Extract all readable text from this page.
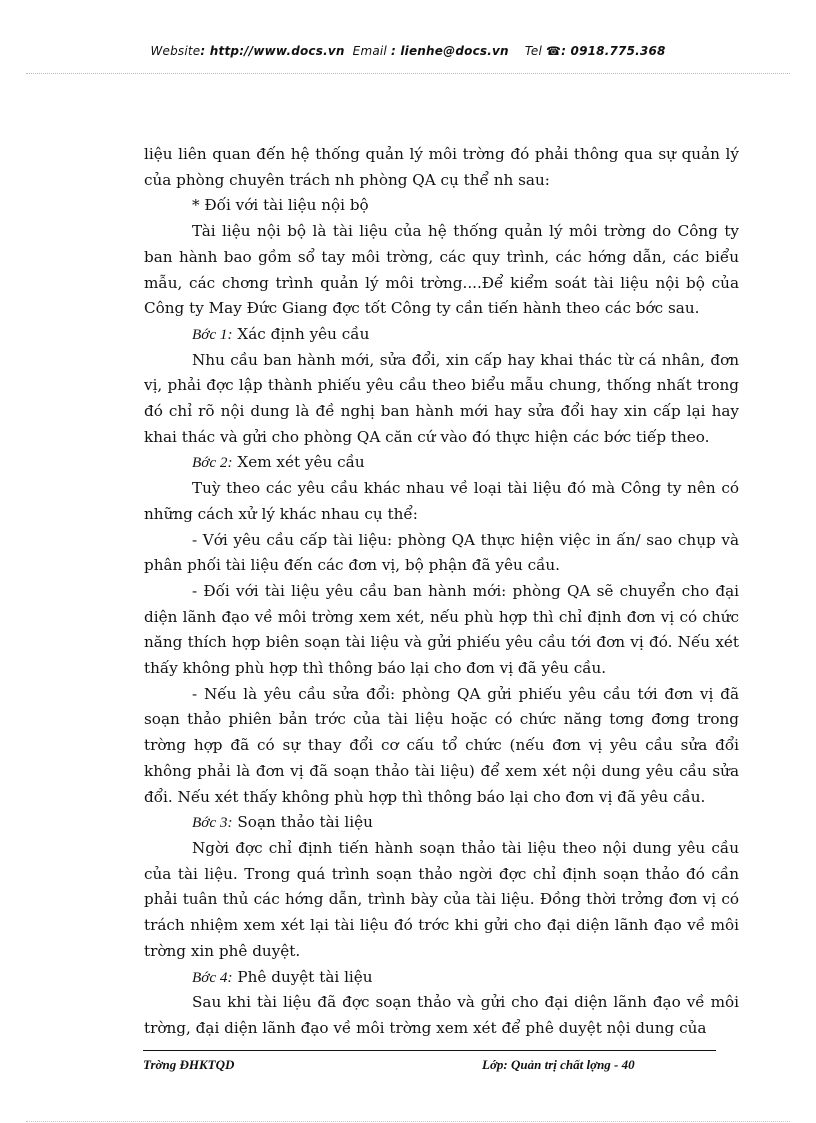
Website: http://www.docs.vn Email : lienhe@docs.vn Tel ☎: 0918.775.368

liệu liên quan đến hệ thống quản lý môi trờng đó phải thông qua sự quản lý của phòng chuyên trách nh phòng QA cụ thể nh sau:

* Đối với tài liệu nội bộ

Tài liệu nội bộ là tài liệu của hệ thống quản lý môi trờng do Công ty ban hành bao gồm sổ tay môi trờng, các quy trình, các hớng dẫn, các biểu mẫu, các chơng trình quản lý môi trờng....Để kiểm soát tài liệu nội bộ của Công ty May Đức Giang đợc tốt Công ty cần tiến hành theo các bớc sau.

Bớc 1: Xác định yêu cầu

Nhu cầu ban hành mới, sửa đổi, xin cấp hay khai thác từ cá nhân, đơn vị, phải đợc lập thành phiếu yêu cầu theo biểu mẫu chung, thống nhất trong đó chỉ rõ nội dung là đề nghị ban hành mới hay sửa đổi hay xin cấp lại hay khai thác và gửi cho phòng QA căn cứ vào đó thực hiện các bớc tiếp theo.

Bớc 2: Xem xét yêu cầu

Tuỳ theo các yêu cầu khác nhau về loại tài liệu đó mà Công ty nên có những cách xử lý khác nhau cụ thể:

- Với yêu cầu cấp tài liệu: phòng QA thực hiện việc in ấn/ sao chụp và phân phối tài liệu đến các đơn vị, bộ phận đã yêu cầu.

- Đối với tài liệu yêu cầu ban hành mới: phòng QA sẽ chuyển cho đại diện lãnh đạo về môi trờng xem xét, nếu phù hợp thì chỉ định đơn vị có chức năng thích hợp biên soạn tài liệu và gửi phiếu yêu cầu tới đơn vị đó. Nếu xét thấy không phù hợp thì thông báo lại cho đơn vị đã yêu cầu.

- Nếu là yêu cầu sửa đổi: phòng QA gửi phiếu yêu cầu tới đơn vị đã soạn thảo phiên bản trớc của tài liệu hoặc có chức năng tơng đơng trong trờng hợp đã có sự thay đổi cơ cấu tổ chức (nếu đơn vị yêu cầu sửa đổi không phải là đơn vị đã soạn thảo tài liệu) để xem xét nội dung yêu cầu sửa đổi. Nếu xét thấy không phù hợp thì thông báo lại cho đơn vị đã yêu cầu.

Bớc 3: Soạn thảo tài liệu

Ngời đợc chỉ định tiến hành soạn thảo tài liệu theo nội dung yêu cầu của tài liệu. Trong quá trình soạn thảo ngời đợc chỉ định soạn thảo đó cần phải tuân thủ các hớng dẫn, trình bày của tài liệu. Đồng thời trởng đơn vị có trách nhiệm xem xét lại tài liệu đó trớc khi gửi cho đại diện lãnh đạo về môi trờng xin phê duyệt.

Bớc 4: Phê duyệt tài liệu

Sau khi tài liệu đã đợc soạn thảo và gửi cho đại diện lãnh đạo về môi trờng, đại diện lãnh đạo về môi trờng xem xét để phê duyệt nội dung của

Trờng ĐHKTQD	Lớp: Quản trị chất lợng - 40
